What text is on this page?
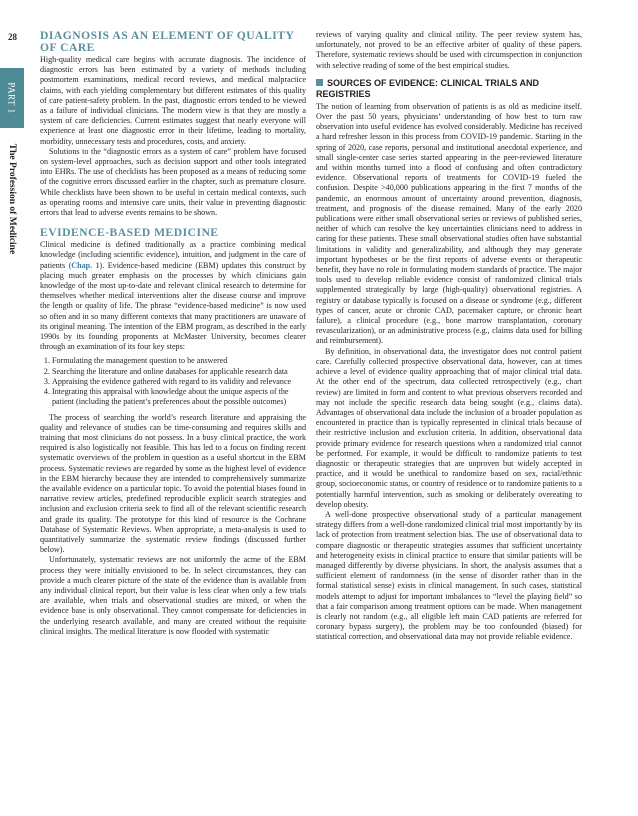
28
PART 1
The Profession of Medicine
DIAGNOSIS AS AN ELEMENT OF QUALITY OF CARE

High-quality medical care begins with accurate diagnosis. The incidence of diagnostic errors has been estimated by a variety of methods including postmortem examinations, medical record reviews, and medical malpractice claims, with each yielding complementary but different estimates of this quality of care patient-safety problem. In the past, diagnostic errors tended to be viewed as a failure of individual clinicians. The modern view is that they are mostly a system of care deficiencies. Current estimates suggest that nearly everyone will experience at least one diagnostic error in their lifetime, leading to mortality, morbidity, unnecessary tests and procedures, costs, and anxiety.

Solutions to the “diagnostic errors as a system of care” problem have focused on system-level approaches, such as decision support and other tools integrated into EHRs. The use of checklists has been proposed as a means of reducing some of the cognitive errors discussed earlier in the chapter, such as premature closure. While checklists have been shown to be useful in certain medical contexts, such as operating rooms and intensive care units, their value in preventing diagnostic errors that lead to adverse events remains to be shown.

EVIDENCE-BASED MEDICINE

Clinical medicine is defined traditionally as a practice combining medical knowledge (including scientific evidence), intuition, and judgment in the care of patients (Chap. 1). Evidence-based medicine (EBM) updates this construct by placing much greater emphasis on the processes by which clinicians gain knowledge of the most up-to-date and relevant clinical research to determine for themselves whether medical interventions alter the disease course and improve the length or quality of life. The phrase “evidence-based medicine” is now used so often and in so many different contexts that many practitioners are unaware of its original meaning. The intention of the EBM program, as described in the early 1990s by its founding proponents at McMaster University, becomes clearer through an examination of its four key steps:

1. Formulating the management question to be answered
2. Searching the literature and online databases for applicable research data
3. Appraising the evidence gathered with regard to its validity and relevance
4. Integrating this appraisal with knowledge about the unique aspects of the patient (including the patient’s preferences about the possible outcomes)

The process of searching the world’s research literature and appraising the quality and relevance of studies can be time-consuming and requires skills and training that most clinicians do not possess. In a busy clinical practice, the work required is also logistically not feasible. This has led to a focus on finding recent systematic overviews of the problem in question as a useful shortcut in the EBM process. Systematic reviews are regarded by some as the highest level of evidence in the EBM hierarchy because they are intended to comprehensively summarize the available evidence on a particular topic. To avoid the potential biases found in narrative review articles, predefined reproducible explicit search strategies and inclusion and exclusion criteria seek to find all of the relevant scientific research and grade its quality. The prototype for this kind of resource is the Cochrane Database of Systematic Reviews. When appropriate, a meta-analysis is used to quantitatively summarize the systematic review findings (discussed further below).

Unfortunately, systematic reviews are not uniformly the acme of the EBM process they were initially envisioned to be. In select circumstances, they can provide a much clearer picture of the state of the evidence than is available from any individual clinical report, but their value is less clear when only a few trials are available, when trials and observational studies are mixed, or when the evidence base is only observational. They cannot compensate for deficiencies in the underlying research available, and many are created without the requisite clinical insights. The medical literature is now flooded with systematic

reviews of varying quality and clinical utility. The peer review system has, unfortunately, not proved to be an effective arbiter of quality of these papers. Therefore, systematic reviews should be used with circumspection in conjunction with selective reading of some of the best empirical studies.

SOURCES OF EVIDENCE: CLINICAL TRIALS AND REGISTRIES

The notion of learning from observation of patients is as old as medicine itself. Over the past 50 years, physicians’ understanding of how best to turn raw observation into useful evidence has evolved considerably. Medicine has received a hard refresher lesson in this process from COVID-19 pandemic. Starting in the spring of 2020, case reports, personal and institutional anecdotal experience, and small single-center case series started appearing in the peer-reviewed literature and within months turned into a flood of confusing and often contradictory evidence. Observational reports of treatments for COVID-19 fueled the confusion. Despite >40,000 publications appearing in the first 7 months of the pandemic, an enormous amount of uncertainty around prevention, diagnosis, treatment, and prognosis of the disease remained. Many of the early 2020 publications were either small observational series or reviews of published series, neither of which can resolve the key uncertainties clinicians need to address in caring for these patients. These small observational studies often have substantial limitations in validity and generalizability, and although they may generate important hypotheses or be the first reports of adverse events or therapeutic benefit, they have no role in formulating modern standards of practice. The major tools used to develop reliable evidence consist of randomized clinical trials supplemented strategically by large (high-quality) observational registries. A registry or database typically is focused on a disease or syndrome (e.g., different types of cancer, acute or chronic CAD, pacemaker capture, or chronic heart failure), a clinical procedure (e.g., bone marrow transplantation, coronary revascularization), or an administrative process (e.g., claims data used for billing and reimbursement).

By definition, in observational data, the investigator does not control patient care. Carefully collected prospective observational data, however, can at times achieve a level of evidence quality approaching that of major clinical trial data. At the other end of the spectrum, data collected retrospectively (e.g., chart review) are limited in form and content to what previous observers recorded and may not include the specific research data being sought (e.g., claims data). Advantages of observational data include the inclusion of a broader population as encountered in practice than is typically represented in clinical trials because of their restrictive inclusion and exclusion criteria. In addition, observational data provide primary evidence for research questions when a randomized trial cannot be performed. For example, it would be difficult to randomize patients to test diagnostic or therapeutic strategies that are unproven but widely accepted in practice, and it would be unethical to randomize based on sex, racial/ethnic group, socioeconomic status, or country of residence or to randomize patients to a potentially harmful intervention, such as smoking or deliberately overeating to develop obesity.

A well-done prospective observational study of a particular management strategy differs from a well-done randomized clinical trial most importantly by its lack of protection from treatment selection bias. The use of observational data to compare diagnostic or therapeutic strategies assumes that sufficient uncertainty and heterogeneity exists in clinical practice to ensure that similar patients will be managed differently by diverse physicians. In short, the analysis assumes that a sufficient element of randomness (in the sense of disorder rather than in the formal statistical sense) exists in clinical management. In such cases, statistical models attempt to adjust for important imbalances to “level the playing field” so that a fair comparison among treatment options can be made. When management is clearly not random (e.g., all eligible left main CAD patients are referred for coronary bypass surgery), the problem may be too confounded (biased) for statistical correction, and observational data may not provide reliable evidence.
